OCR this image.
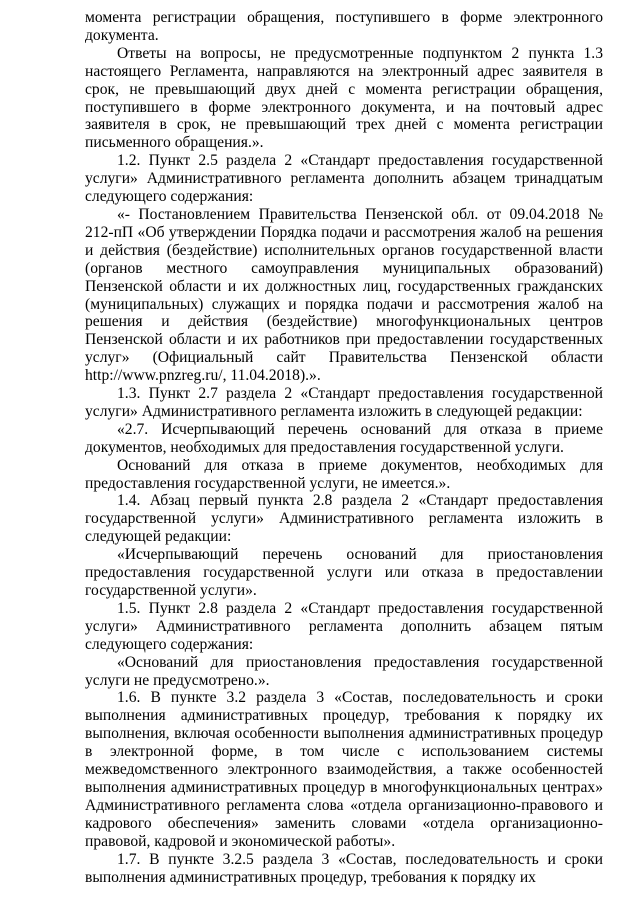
момента регистрации обращения, поступившего в форме электронного документа.

Ответы на вопросы, не предусмотренные подпунктом 2 пункта 1.3 настоящего Регламента, направляются на электронный адрес заявителя в срок, не превышающий двух дней с момента регистрации обращения, поступившего в форме электронного документа, и на почтовый адрес заявителя в срок, не превышающий трех дней с момента регистрации письменного обращения.».

1.2. Пункт 2.5 раздела 2 «Стандарт предоставления государственной услуги» Административного регламента дополнить абзацем тринадцатым следующего содержания:

«- Постановлением Правительства Пензенской обл. от 09.04.2018 № 212-пП «Об утверждении Порядка подачи и рассмотрения жалоб на решения и действия (бездействие) исполнительных органов государственной власти (органов местного самоуправления муниципальных образований) Пензенской области и их должностных лиц, государственных гражданских (муниципальных) служащих и порядка подачи и рассмотрения жалоб на решения и действия (бездействие) многофункциональных центров Пензенской области и их работников при предоставлении государственных услуг» (Официальный сайт Правительства Пензенской области http://www.pnzreg.ru/, 11.04.2018).».

1.3. Пункт 2.7 раздела 2 «Стандарт предоставления государственной услуги» Административного регламента изложить в следующей редакции:

«2.7. Исчерпывающий перечень оснований для отказа в приеме документов, необходимых для предоставления государственной услуги.

Оснований для отказа в приеме документов, необходимых для предоставления государственной услуги, не имеется.».

1.4. Абзац первый пункта 2.8 раздела 2 «Стандарт предоставления государственной услуги» Административного регламента изложить в следующей редакции:

«Исчерпывающий перечень оснований для приостановления предоставления государственной услуги или отказа в предоставлении государственной услуги».

1.5. Пункт 2.8 раздела 2 «Стандарт предоставления государственной услуги» Административного регламента дополнить абзацем пятым следующего содержания:

«Оснований для приостановления предоставления государственной услуги не предусмотрено.».

1.6. В пункте 3.2 раздела 3 «Состав, последовательность и сроки выполнения административных процедур, требования к порядку их выполнения, включая особенности выполнения административных процедур в электронной форме, в том числе с использованием системы межведомственного электронного взаимодействия, а также особенностей выполнения административных процедур в многофункциональных центрах» Административного регламента слова «отдела организационно-правового и кадрового обеспечения» заменить словами «отдела организационно-правовой, кадровой и экономической работы».

1.7. В пункте 3.2.5 раздела 3 «Состав, последовательность и сроки выполнения административных процедур, требования к порядку их
